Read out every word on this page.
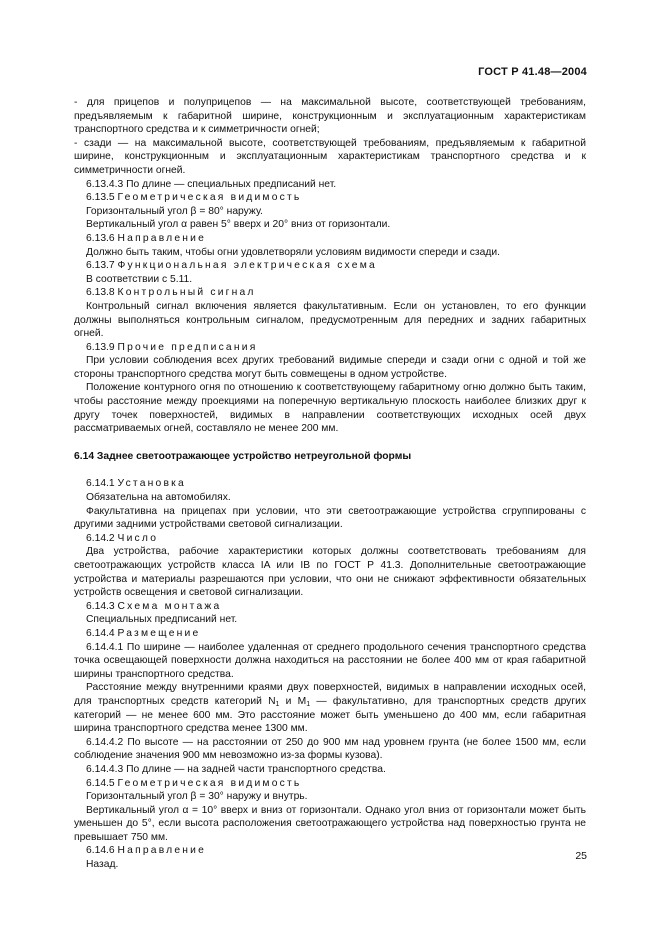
ГОСТ Р 41.48—2004

- для прицепов и полуприцепов — на максимальной высоте, соответствующей требованиям, предъявляемым к габаритной ширине, конструкционным и эксплуатационным характеристикам транспортного средства и к симметричности огней;

- сзади — на максимальной высоте, соответствующей требованиям, предъявляемым к габаритной ширине, конструкционным и эксплуатационным характеристикам транспортного средства и к симметричности огней.

6.13.4.3 По длине — специальных предписаний нет.

6.13.5 Геометрическая видимость

Горизонтальный угол β = 80° наружу.

Вертикальный угол α равен 5° вверх и 20° вниз от горизонтали.

6.13.6 Направление

Должно быть таким, чтобы огни удовлетворяли условиям видимости спереди и сзади.

6.13.7 Функциональная электрическая схема

В соответствии с 5.11.

6.13.8 Контрольный сигнал

Контрольный сигнал включения является факультативным. Если он установлен, то его функции должны выполняться контрольным сигналом, предусмотренным для передних и задних габаритных огней.

6.13.9 Прочие предписания

При условии соблюдения всех других требований видимые спереди и сзади огни с одной и той же стороны транспортного средства могут быть совмещены в одном устройстве.

Положение контурного огня по отношению к соответствующему габаритному огню должно быть таким, чтобы расстояние между проекциями на поперечную вертикальную плоскость наиболее близких друг к другу точек поверхностей, видимых в направлении соответствующих исходных осей двух рассматриваемых огней, составляло не менее 200 мм.

6.14 Заднее светоотражающее устройство нетреугольной формы

6.14.1 Установка

Обязательна на автомобилях.

Факультативна на прицепах при условии, что эти светоотражающие устройства сгруппированы с другими задними устройствами световой сигнализации.

6.14.2 Число

Два устройства, рабочие характеристики которых должны соответствовать требованиям для светоотражающих устройств класса IA или IB по ГОСТ Р 41.3. Дополнительные светоотражающие устройства и материалы разрешаются при условии, что они не снижают эффективности обязательных устройств освещения и световой сигнализации.

6.14.3 Схема монтажа

Специальных предписаний нет.

6.14.4 Размещение

6.14.4.1 По ширине — наиболее удаленная от среднего продольного сечения транспортного средства точка освещающей поверхности должна находиться на расстоянии не более 400 мм от края габаритной ширины транспортного средства.

Расстояние между внутренними краями двух поверхностей, видимых в направлении исходных осей, для транспортных средств категорий $N_1$ и $M_1$ — факультативно, для транспортных средств других категорий — не менее 600 мм. Это расстояние может быть уменьшено до 400 мм, если габаритная ширина транспортного средства менее 1300 мм.

6.14.4.2 По высоте — на расстоянии от 250 до 900 мм над уровнем грунта (не более 1500 мм, если соблюдение значения 900 мм невозможно из-за формы кузова).

6.14.4.3 По длине — на задней части транспортного средства.

6.14.5 Геометрическая видимость

Горизонтальный угол β = 30° наружу и внутрь.

Вертикальный угол α = 10° вверх и вниз от горизонтали. Однако угол вниз от горизонтали может быть уменьшен до 5°, если высота расположения светоотражающего устройства над поверхностью грунта не превышает 750 мм.

6.14.6 Направление

Назад.

25
